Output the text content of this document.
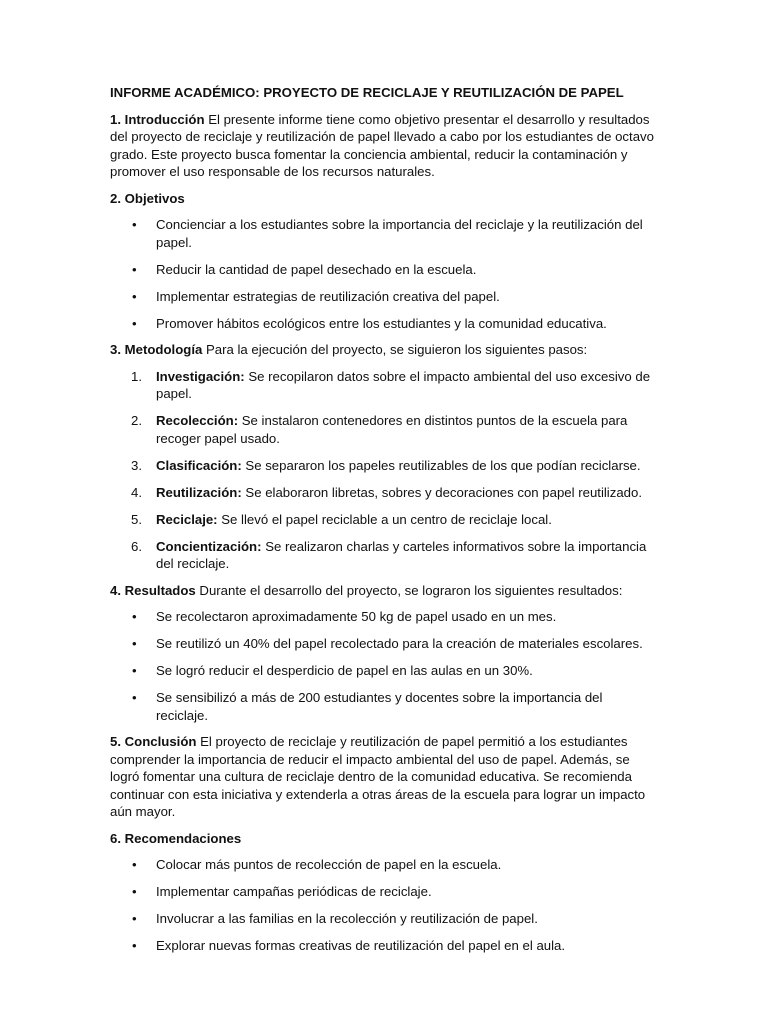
INFORME ACADÉMICO: PROYECTO DE RECICLAJE Y REUTILIZACIÓN DE PAPEL

1. Introducción El presente informe tiene como objetivo presentar el desarrollo y resultados del proyecto de reciclaje y reutilización de papel llevado a cabo por los estudiantes de octavo grado. Este proyecto busca fomentar la conciencia ambiental, reducir la contaminación y promover el uso responsable de los recursos naturales.

2. Objetivos

• Concienciar a los estudiantes sobre la importancia del reciclaje y la reutilización del papel.
• Reducir la cantidad de papel desechado en la escuela.
• Implementar estrategias de reutilización creativa del papel.
• Promover hábitos ecológicos entre los estudiantes y la comunidad educativa.

3. Metodología Para la ejecución del proyecto, se siguieron los siguientes pasos:

1. Investigación: Se recopilaron datos sobre el impacto ambiental del uso excesivo de papel.
2. Recolección: Se instalaron contenedores en distintos puntos de la escuela para recoger papel usado.
3. Clasificación: Se separaron los papeles reutilizables de los que podían reciclarse.
4. Reutilización: Se elaboraron libretas, sobres y decoraciones con papel reutilizado.
5. Reciclaje: Se llevó el papel reciclable a un centro de reciclaje local.
6. Concientización: Se realizaron charlas y carteles informativos sobre la importancia del reciclaje.

4. Resultados Durante el desarrollo del proyecto, se lograron los siguientes resultados:

• Se recolectaron aproximadamente 50 kg de papel usado en un mes.
• Se reutilizó un 40% del papel recolectado para la creación de materiales escolares.
• Se logró reducir el desperdicio de papel en las aulas en un 30%.
• Se sensibilizó a más de 200 estudiantes y docentes sobre la importancia del reciclaje.

5. Conclusión El proyecto de reciclaje y reutilización de papel permitió a los estudiantes comprender la importancia de reducir el impacto ambiental del uso de papel. Además, se logró fomentar una cultura de reciclaje dentro de la comunidad educativa. Se recomienda continuar con esta iniciativa y extenderla a otras áreas de la escuela para lograr un impacto aún mayor.

6. Recomendaciones

• Colocar más puntos de recolección de papel en la escuela.
• Implementar campañas periódicas de reciclaje.
• Involucrar a las familias en la recolección y reutilización de papel.
• Explorar nuevas formas creativas de reutilización del papel en el aula.
